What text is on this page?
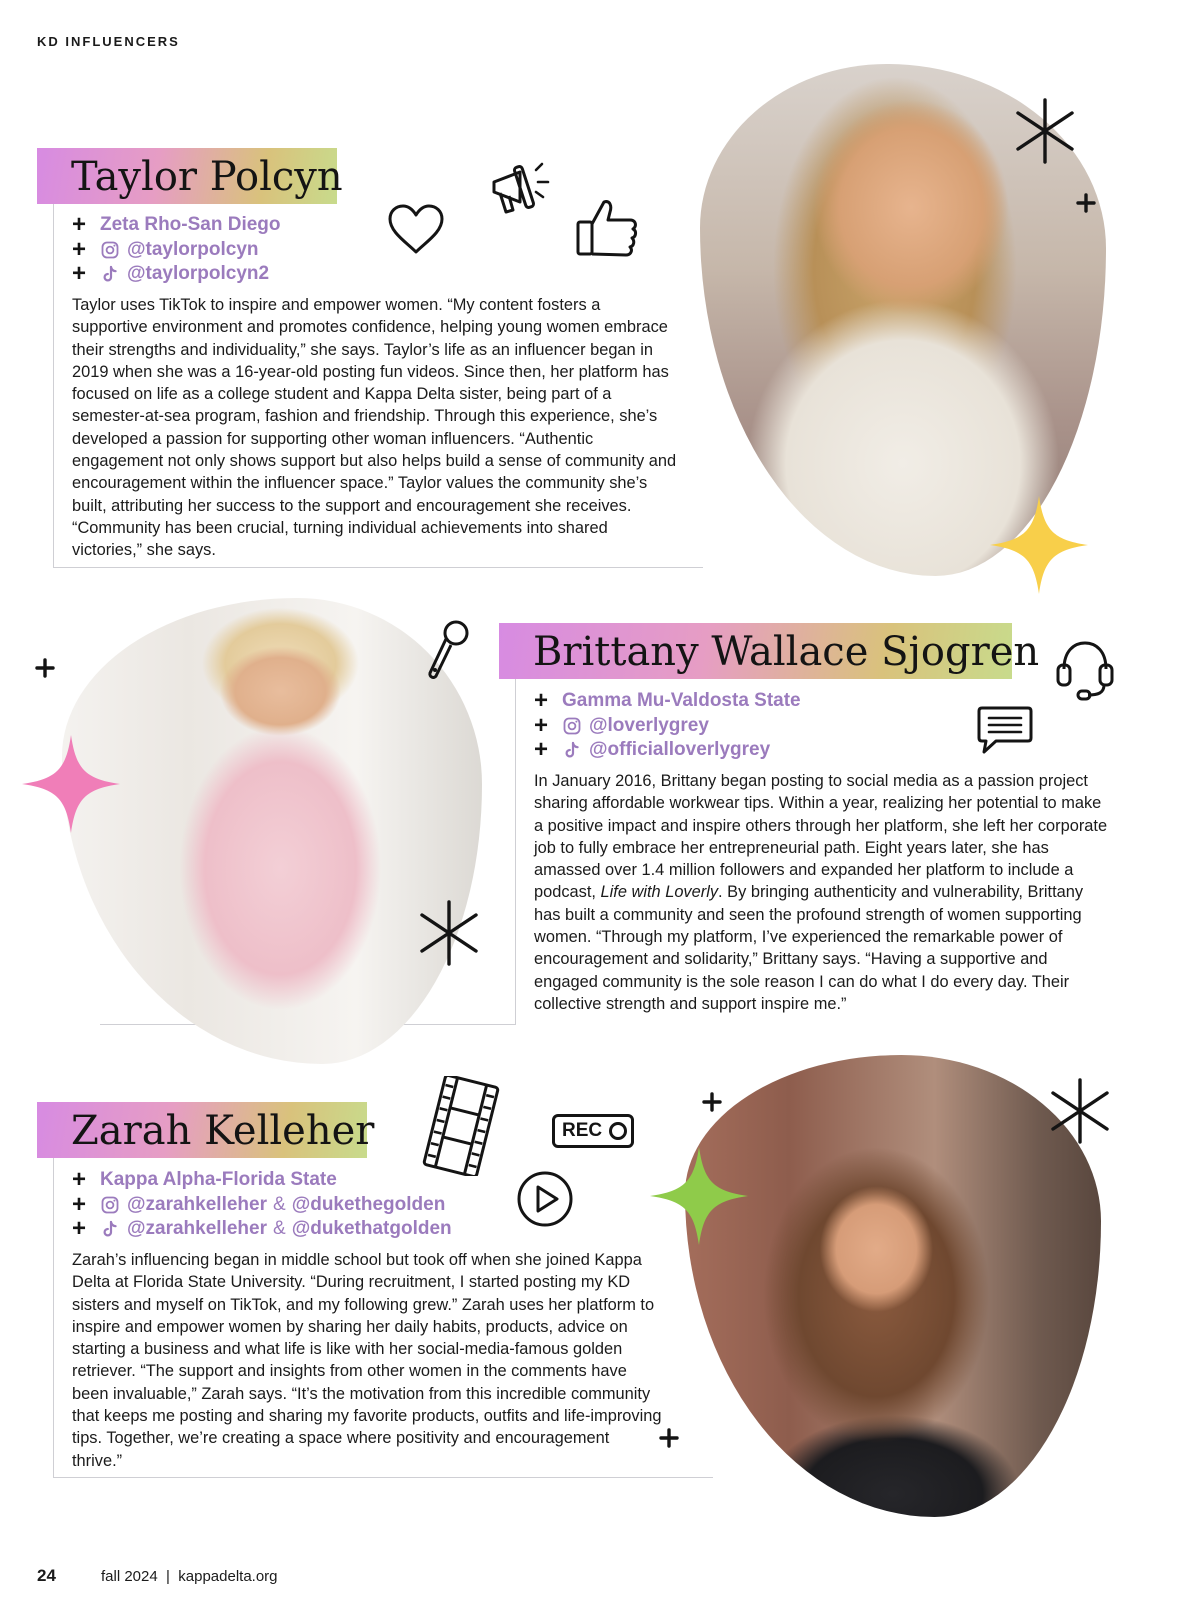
KD INFLUENCERS
Taylor Polcyn
+ Zeta Rho-San Diego
+	@taylorpolcyn
+	@taylorpolcyn2
Taylor uses TikTok to inspire and empower women. “My content fosters a supportive environment and promotes confidence, helping young women embrace their strengths and individuality,” she says. Taylor’s life as an influencer began in 2019 when she was a 16-year-old posting fun videos. Since then, her platform has focused on life as a college student and Kappa Delta sister, being part of a semester-at-sea program, fashion and friendship. Through this experience, she’s developed a passion for supporting other woman influencers. “Authentic engagement not only shows support but also helps build a sense of community and encouragement within the influencer space.” Taylor values the community she’s built, attributing her success to the support and encouragement she receives. “Community has been crucial, turning individual achievements into shared victories,” she says.
Brittany Wallace Sjogren
+ Gamma Mu-Valdosta State
+	@loverlygrey
+	@officialloverlygrey
In January 2016, Brittany began posting to social media as a passion project sharing affordable workwear tips. Within a year, realizing her potential to make a positive impact and inspire others through her platform, she left her corporate job to fully embrace her entrepreneurial path. Eight years later, she has amassed over 1.4 million followers and expanded her platform to include a podcast, Life with Loverly. By bringing authenticity and vulnerability, Brittany has built a community and seen the profound strength of women supporting women. “Through my platform, I’ve experienced the remarkable power of encouragement and solidarity,” Brittany says. “Having a supportive and engaged community is the sole reason I can do what I do every day. Their collective strength and support inspire me.”
Zarah Kelleher
+ Kappa Alpha-Florida State
+	@zarahkelleher & @dukethegolden
+	@zarahkelleher & @dukethatgolden
Zarah’s influencing began in middle school but took off when she joined Kappa Delta at Florida State University. “During recruitment, I started posting my KD sisters and myself on TikTok, and my following grew.” Zarah uses her platform to inspire and empower women by sharing her daily habits, products, advice on starting a business and what life is like with her social-media-famous golden retriever. “The support and insights from other women in the comments have been invaluable,” Zarah says. “It’s the motivation from this incredible community that keeps me posting and sharing my favorite products, outfits and life-improving tips. Together, we’re creating a space where positivity and encouragement thrive.”
REC
24	fall 2024  |  kappadelta.org
